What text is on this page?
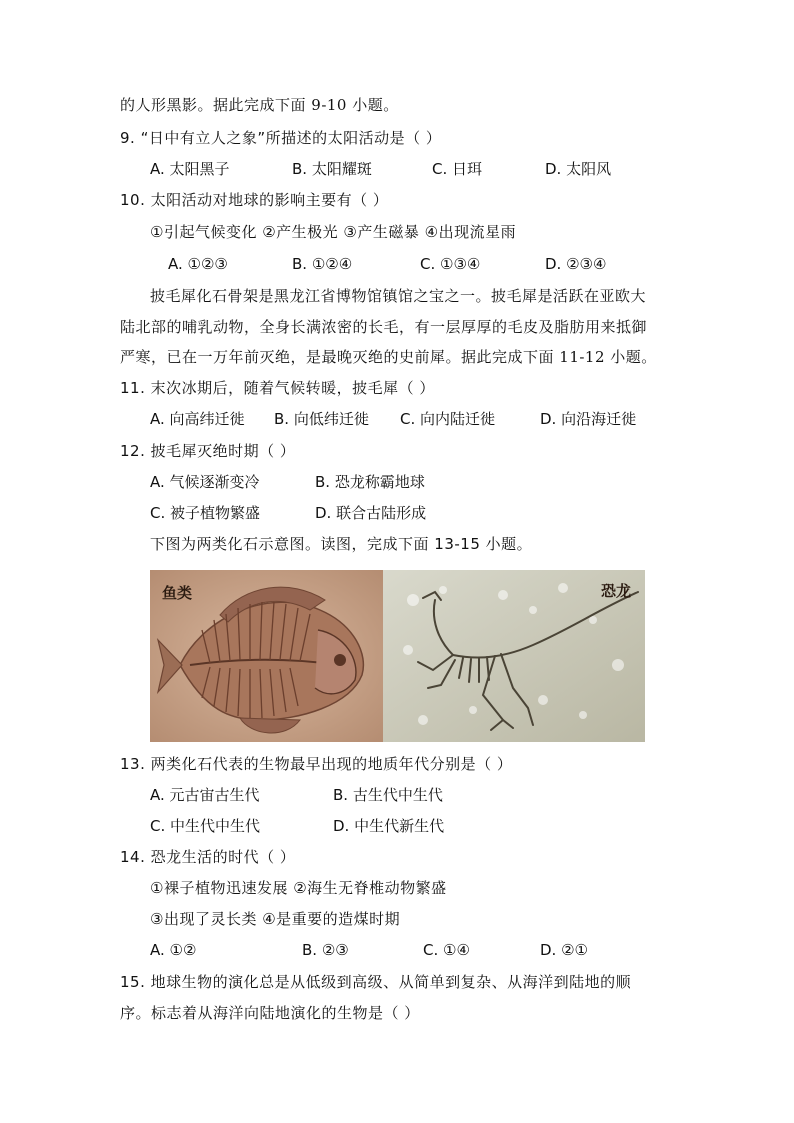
的人形黑影。据此完成下面 9-10 小题。
9. “日中有立人之象”所描述的太阳活动是（ ）
A. 太阳黑子	B. 太阳耀斑	C. 日珥	D. 太阳风
10. 太阳活动对地球的影响主要有（ ）
①引起气候变化 ②产生极光 ③产生磁暴 ④出现流星雨
A. ①②③	B. ①②④	C. ①③④	D. ②③④
披毛犀化石骨架是黑龙江省博物馆镇馆之宝之一。披毛犀是活跃在亚欧大
陆北部的哺乳动物，全身长满浓密的长毛，有一层厚厚的毛皮及脂肪用来抵御
严寒，已在一万年前灭绝，是最晚灭绝的史前犀。据此完成下面 11-12 小题。
11. 末次冰期后，随着气候转暖，披毛犀（ ）
A. 向高纬迁徙 B. 向低纬迁徙 C. 向内陆迁徙	D. 向沿海迁徙
12. 披毛犀灭绝时期（ ）
A. 气候逐渐变冷	B. 恐龙称霸地球
C. 被子植物繁盛	D. 联合古陆形成
下图为两类化石示意图。读图，完成下面 13-15 小题。
鱼类	恐龙
13. 两类化石代表的生物最早出现的地质年代分别是（ ）
A. 元古宙古生代	B. 古生代中生代
C. 中生代中生代	D. 中生代新生代
14. 恐龙生活的时代（ ）
①裸子植物迅速发展 ②海生无脊椎动物繁盛
③出现了灵长类 ④是重要的造煤时期
A. ①②	B. ②③	C. ①④	D. ②①
15. 地球生物的演化总是从低级到高级、从简单到复杂、从海洋到陆地的顺
序。标志着从海洋向陆地演化的生物是（ ）
